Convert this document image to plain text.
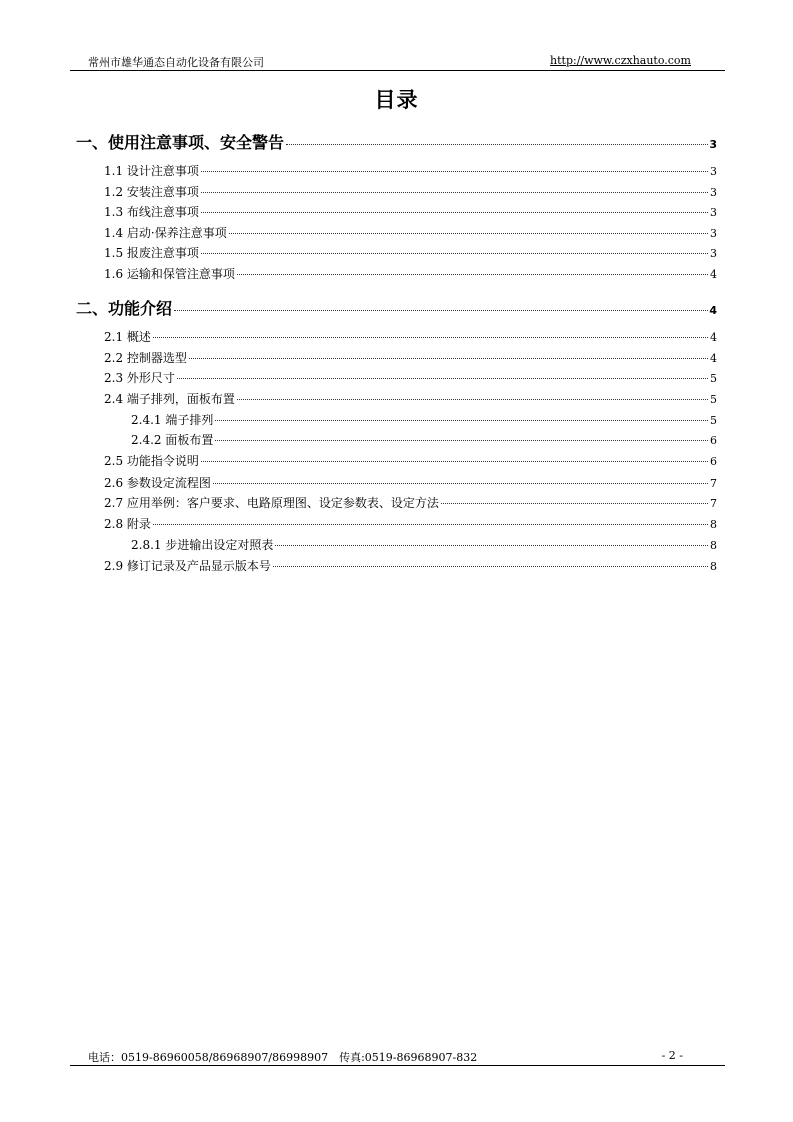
常州市雄华通态自动化设备有限公司	http://www.czxhauto.com
目录
一、使用注意事项、安全警告	3
1.1 设计注意事项	3
1.2 安装注意事项	3
1.3 布线注意事项	3
1.4 启动·保养注意事项	3
1.5 报废注意事项	3
1.6 运输和保管注意事项	4
二、功能介绍	4
2.1 概述	4
2.2 控制器选型	4
2.3 外形尺寸	5
2.4 端子排列，面板布置	5
2.4.1 端子排列	5
2.4.2 面板布置	6
2.5 功能指令说明	6
2.6 参数设定流程图	7
2.7 应用举例：客户要求、电路原理图、设定参数表、设定方法	7
2.8 附录	8
2.8.1 步进输出设定对照表	8
2.9 修订记录及产品显示版本号	8
电话：0519-86960058/86968907/86998907　传真:0519-86968907-832	- 2 -
